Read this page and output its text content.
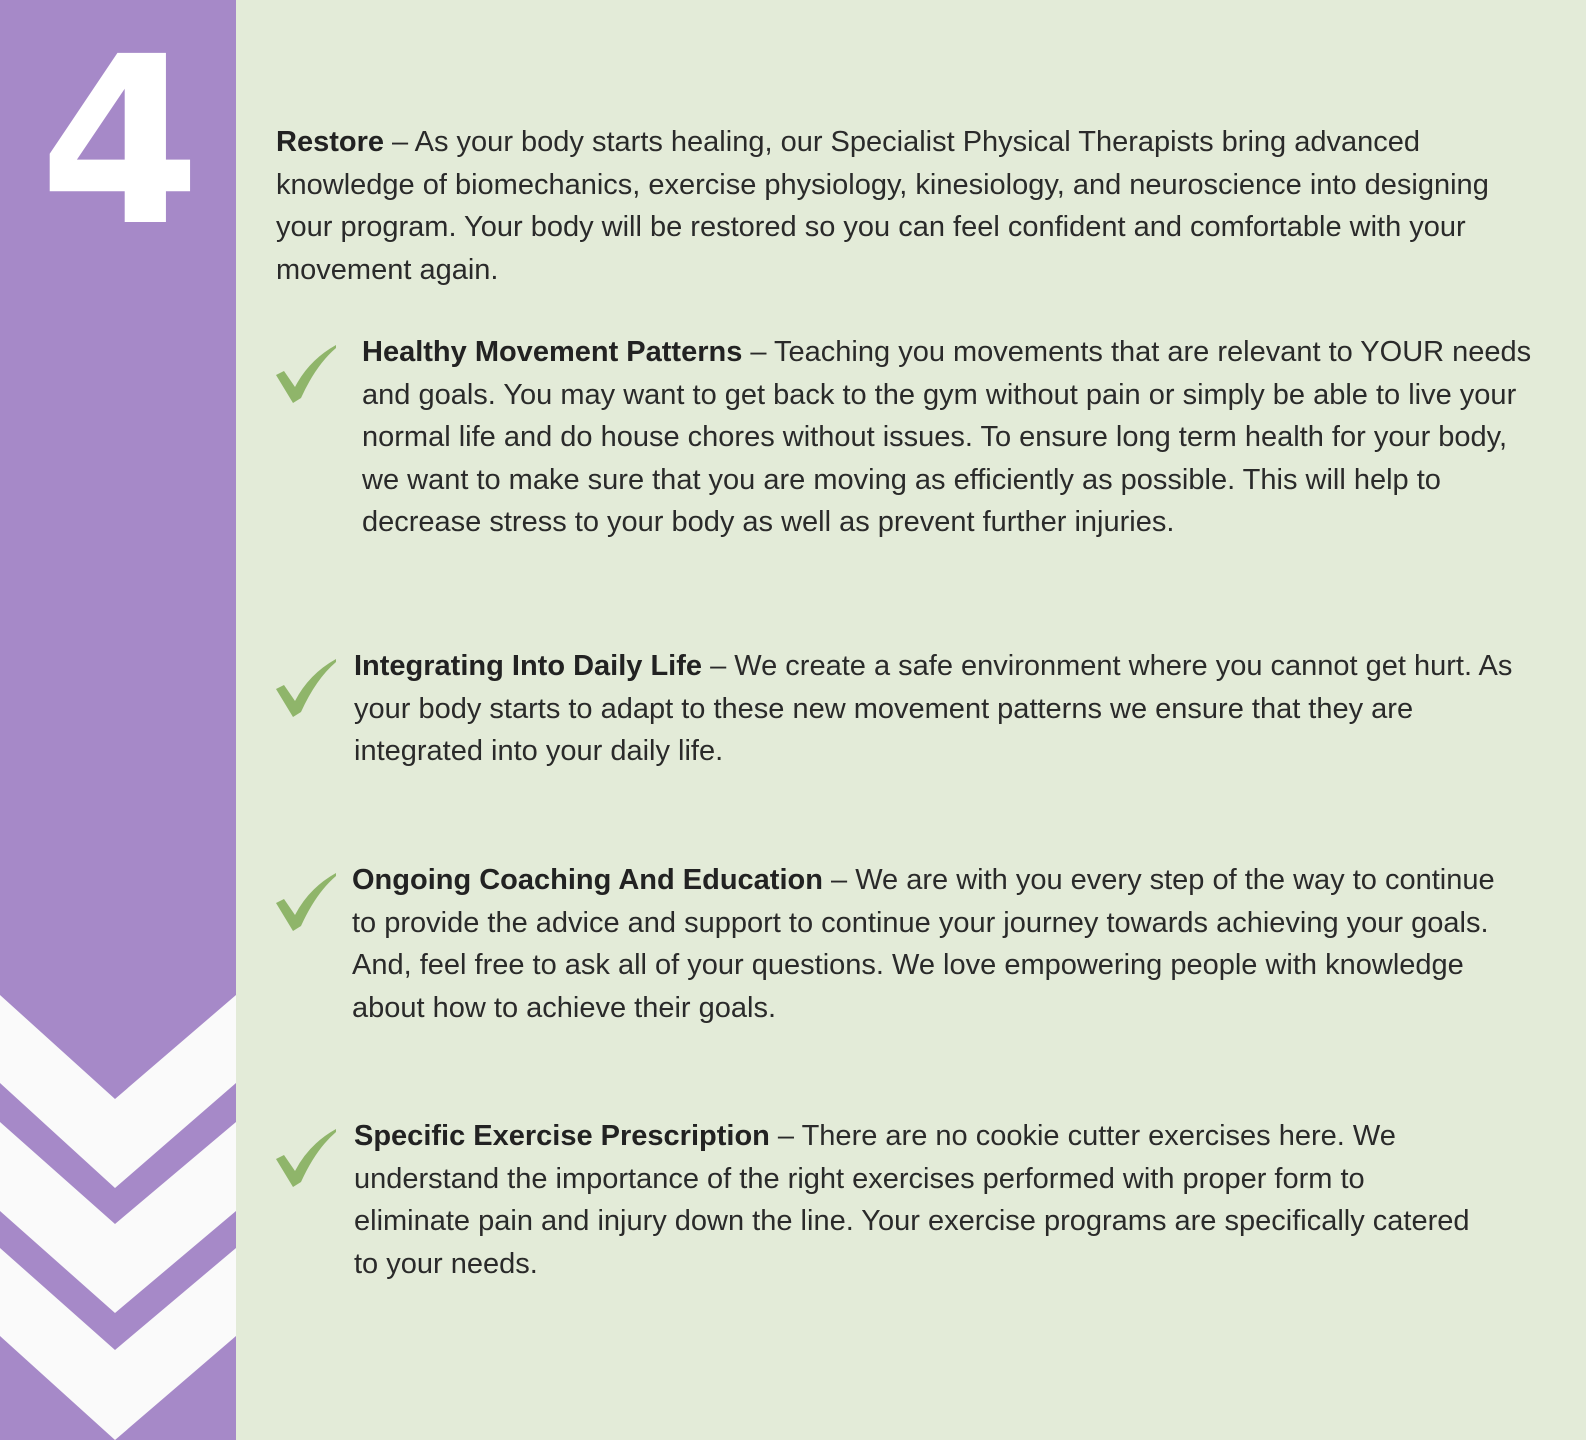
4	Restore – As your body starts healing, our Specialist Physical Therapists bring advanced knowledge of biomechanics, exercise physiology, kinesiology, and neuroscience into designing your program. Your body will be restored so you can feel confident and comfortable with your movement again.

Healthy Movement Patterns – Teaching you movements that are relevant to YOUR needs and goals. You may want to get back to the gym without pain or simply be able to live your normal life and do house chores without issues. To ensure long term health for your body, we want to make sure that you are moving as efficiently as possible. This will help to decrease stress to your body as well as prevent further injuries.

Integrating Into Daily Life – We create a safe environment where you cannot get hurt. As your body starts to adapt to these new movement patterns we ensure that they are integrated into your daily life.

Ongoing Coaching And Education – We are with you every step of the way to continue to provide the advice and support to continue your journey towards achieving your goals. And, feel free to ask all of your questions. We love empowering people with knowledge about how to achieve their goals.

Specific Exercise Prescription – There are no cookie cutter exercises here. We understand the importance of the right exercises performed with proper form to eliminate pain and injury down the line. Your exercise programs are specifically catered to your needs.
